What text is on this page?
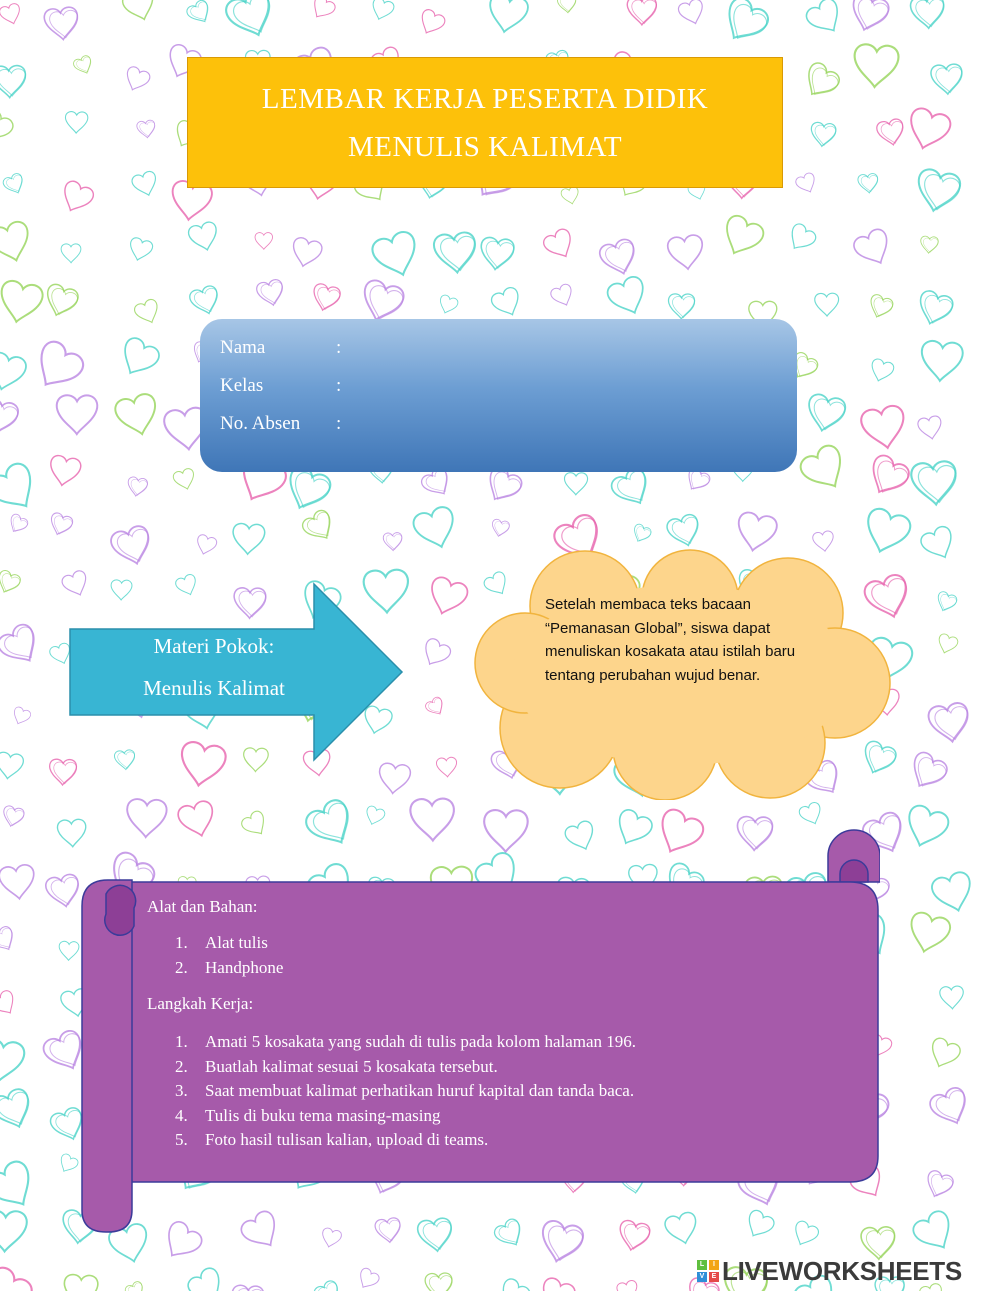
LEMBAR KERJA PESERTA DIDIK
MENULIS KALIMAT
Nama	:
Kelas	:
No. Absen :
Materi Pokok:
Menulis Kalimat
Setelah membaca teks bacaan “Pemanasan Global”, siswa dapat menuliskan kosakata atau istilah baru tentang perubahan wujud benar.

Alat dan Bahan:

1. Alat tulis
2. Handphone

Langkah Kerja:

1. Amati 5 kosakata yang sudah di tulis pada kolom halaman 196.
2. Buatlah kalimat sesuai 5 kosakata tersebut.
3. Saat membuat kalimat perhatikan huruf kapital dan tanda baca.
4. Tulis di buku tema masing-masing
5. Foto hasil tulisan kalian, upload di teams.
L	I
V	E LIVEWORKSHEETS
